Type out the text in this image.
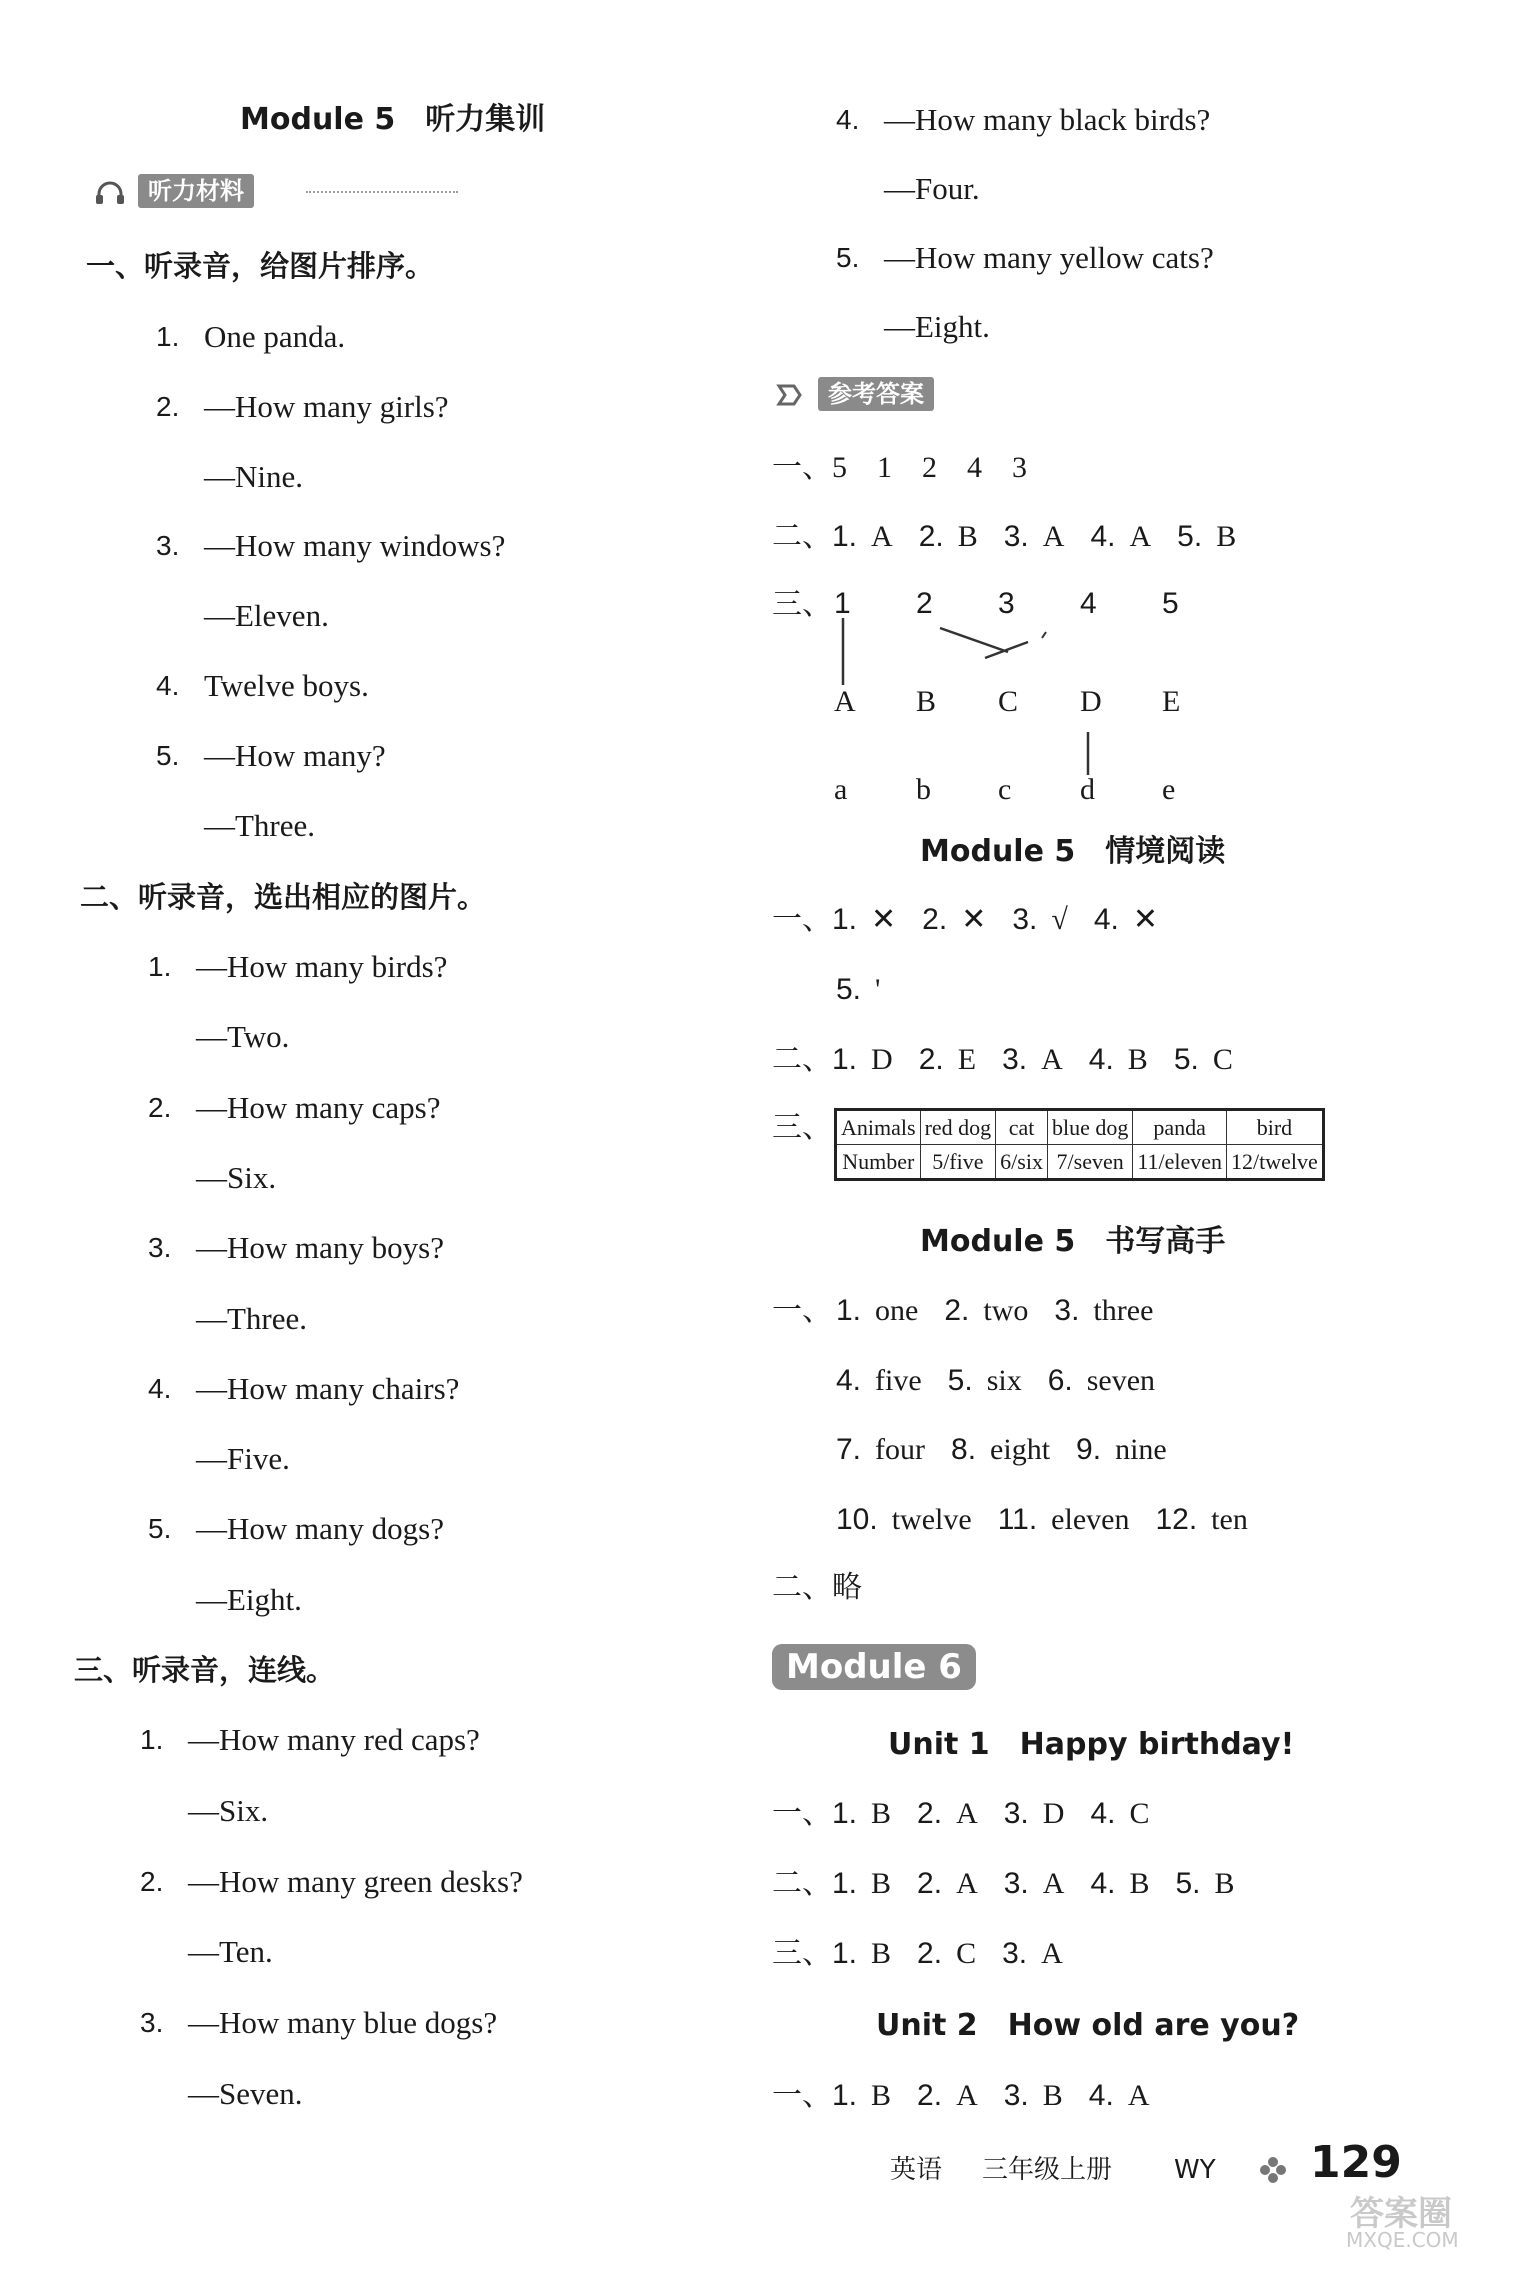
Module 5　听力集训
听力材料
一、听录音，给图片排序。
1. One panda.
2. —How many girls?
—Nine.
3. —How many windows?
—Eleven.
4. Twelve boys.
5. —How many?
—Three.
二、听录音，选出相应的图片。
1. —How many birds?
—Two.
2. —How many caps?
—Six.
3. —How many boys?
—Three.
4. —How many chairs?
—Five.
5. —How many dogs?
—Eight.
三、听录音，连线。
1. —How many red caps?
—Six.
2. —How many green desks?
—Ten.
3. —How many blue dogs?
—Seven.
4. —How many black birds?
—Four.
5. —How many yellow cats?
—Eight.
参考答案
一、5　1　2　4　3
二、1. A 2. B 3. A 4. A 5. B
三、 1 2 3 4 5
A B C D E
a b c d e
Module 5　情境阅读
一、1. ✕ 2. ✕ 3. √ 4. ✕
5. '
二、1. D 2. E 3. A 4. B 5. C
三、 Animals	red dog	cat	blue dog	panda	bird
Number	5/five	6/six	7/seven	11/eleven	12/twelve
Module 5　书写高手
一、 1. one 2. two 3. three
4. five 5. six 6. seven
7. four 8. eight 9. nine
10. twelve 11. eleven 12. ten
二、略
Module 6
Unit 1　Happy birthday!
一、1. B 2. A 3. D 4. C
二、1. B 2. A 3. A 4. B 5. B
三、1. B 2. C 3. A
Unit 2　How old are you?
一、1. B 2. A 3. B 4. A
英语 三年级上册 WY 129
答案圈
MXQE.COM
